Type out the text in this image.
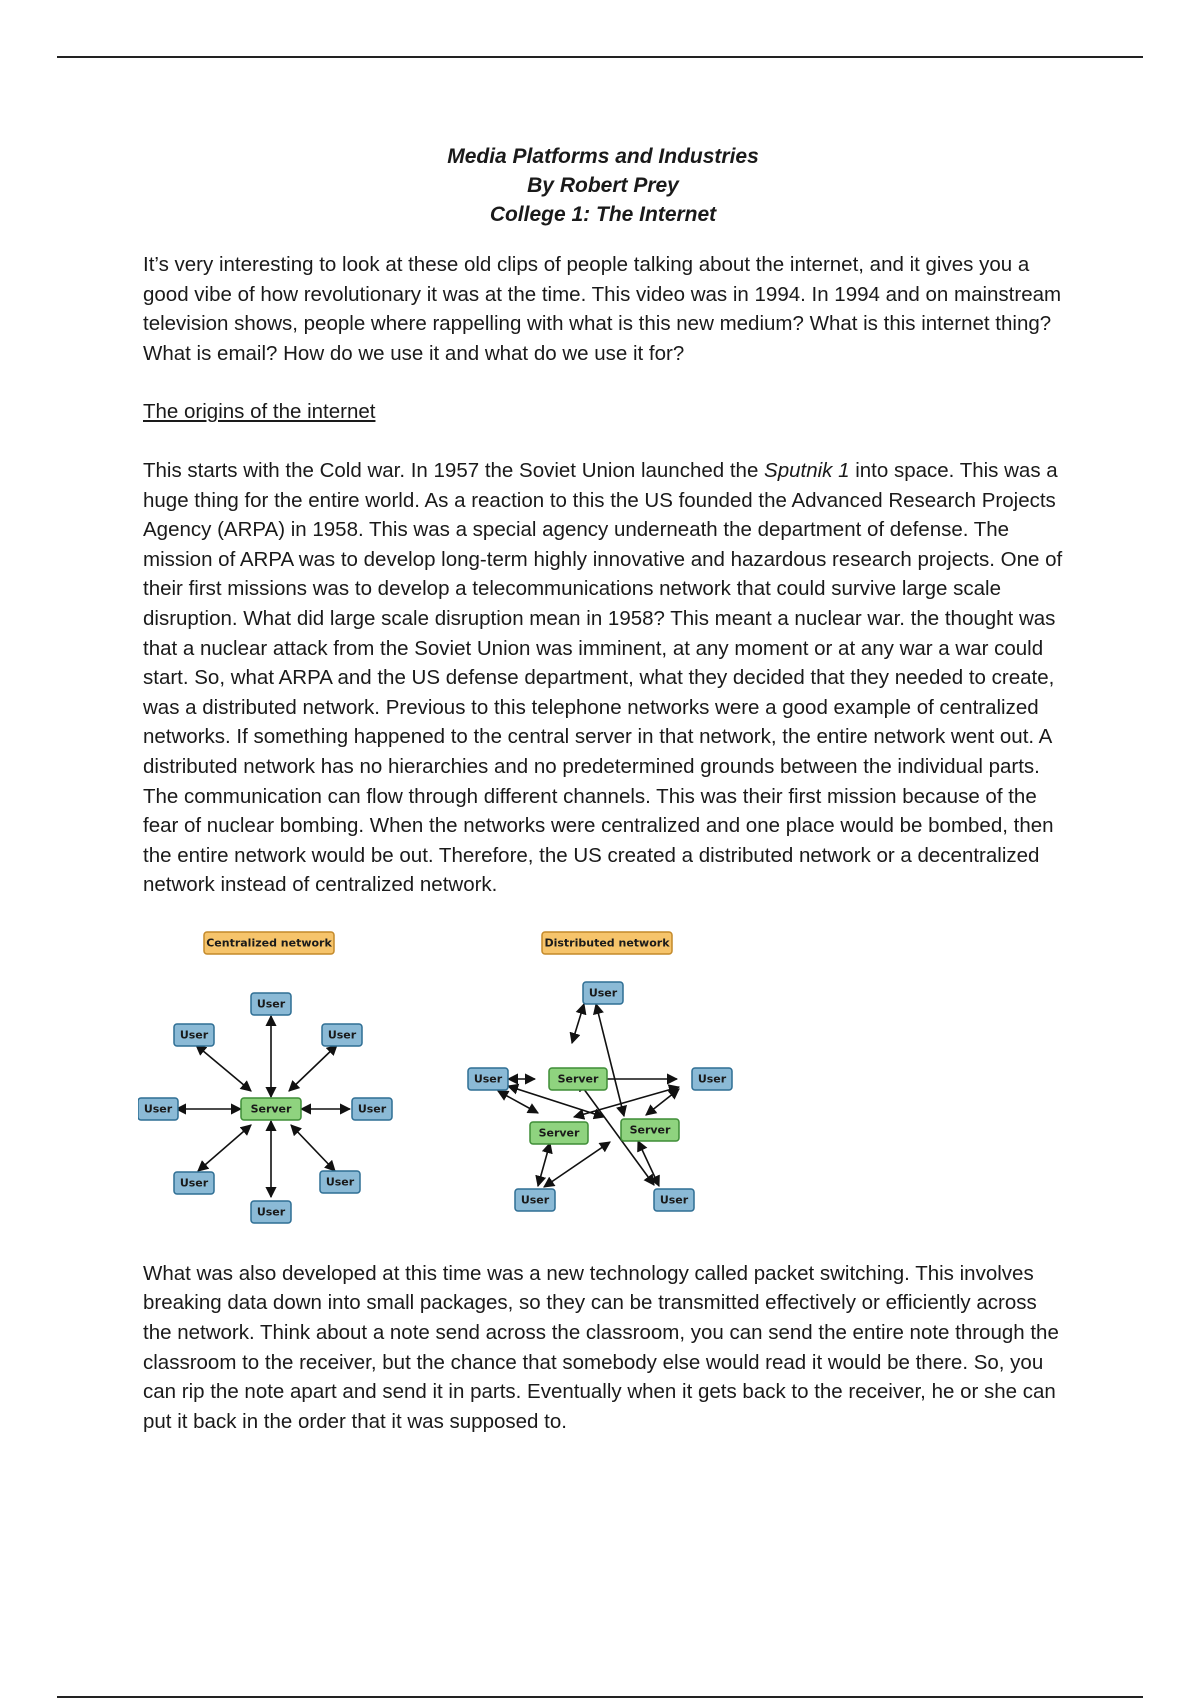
Media Platforms and Industries
By Robert Prey
College 1: The Internet

It’s very interesting to look at these old clips of people talking about the internet, and it gives you a good vibe of how revolutionary it was at the time. This video was in 1994. In 1994 and on mainstream television shows, people where rappelling with what is this new medium? What is this internet thing? What is email? How do we use it and what do we use it for?

The origins of the internet

This starts with the Cold war. In 1957 the Soviet Union launched the Sputnik 1 into space. This was a huge thing for the entire world. As a reaction to this the US founded the Advanced Research Projects Agency (ARPA) in 1958. This was a special agency underneath the department of defense. The mission of ARPA was to develop long-term highly innovative and hazardous research projects. One of their first missions was to develop a telecommunications network that could survive large scale disruption. What did large scale disruption mean in 1958? This meant a nuclear war. the thought was that a nuclear attack from the Soviet Union was imminent, at any moment or at any war a war could start. So, what ARPA and the US defense department, what they decided that they needed to create, was a distributed network. Previous to this telephone networks were a good example of centralized networks. If something happened to the central server in that network, the entire network went out. A distributed network has no hierarchies and no predetermined grounds between the individual parts. The communication can flow through different channels. This was their first mission because of the fear of nuclear bombing. When the networks were centralized and one place would be bombed, then the entire network would be out. Therefore, the US created a distributed network or a decentralized network instead of centralized network.

Centralized network
Server
User
User	User
User	User
User	User
User
Distributed network
User
User	Server	User
Server	Server
User	User

What was also developed at this time was a new technology called packet switching. This involves breaking data down into small packages, so they can be transmitted effectively or efficiently across the network. Think about a note send across the classroom, you can send the entire note through the classroom to the receiver, but the chance that somebody else would read it would be there. So, you can rip the note apart and send it in parts. Eventually when it gets back to the receiver, he or she can put it back in the order that it was supposed to.
